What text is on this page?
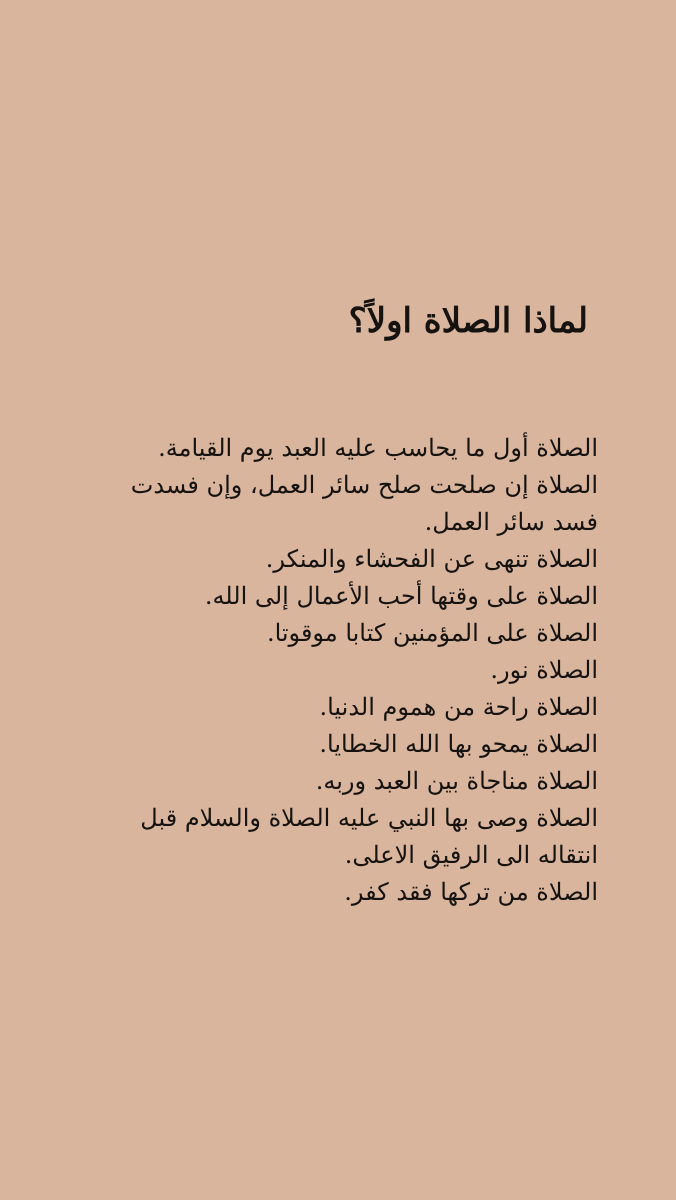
لماذا الصلاة اولاً؟
الصلاة أول ما يحاسب عليه العبد يوم القيامة.
الصلاة إن صلحت صلح سائر العمل، وإن فسدت فسد سائر العمل.
الصلاة تنهى عن الفحشاء والمنكر.
الصلاة على وقتها أحب الأعمال إلى الله.
الصلاة على المؤمنين كتابا موقوتا.
الصلاة نور.
الصلاة راحة من هموم الدنيا.
الصلاة يمحو بها الله الخطايا.
الصلاة مناجاة بين العبد وربه.
الصلاة وصى بها النبي عليه الصلاة والسلام قبل انتقاله الى الرفيق الاعلى.
الصلاة من تركها فقد كفر.
